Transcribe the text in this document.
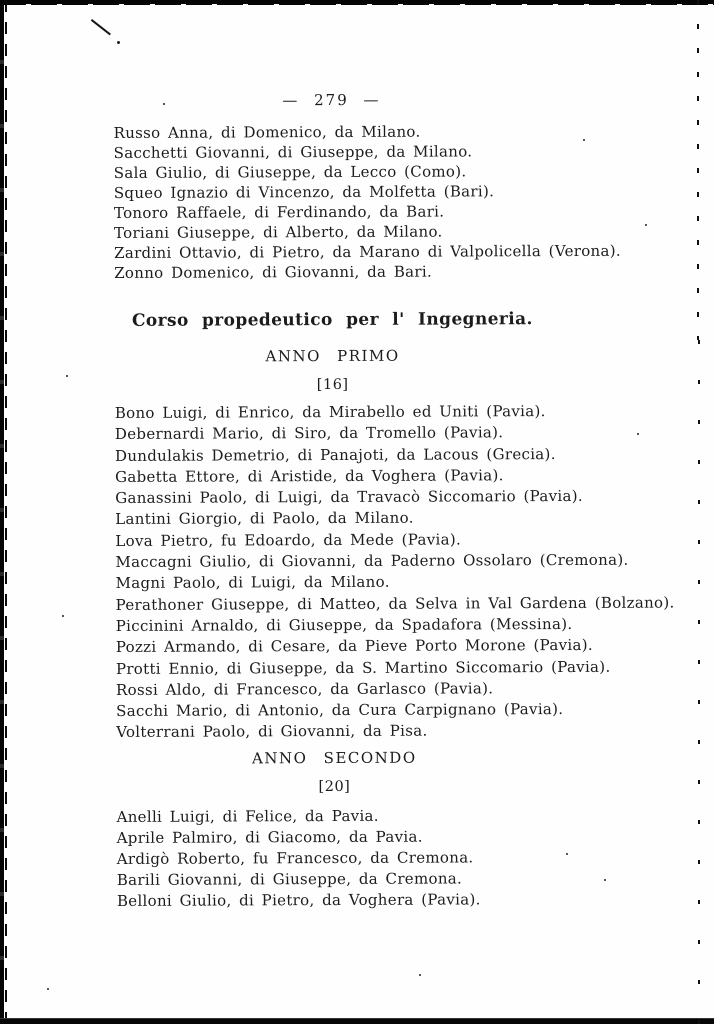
— 279 —

Russo Anna, di Domenico, da Milano.

Sacchetti Giovanni, di Giuseppe, da Milano.

Sala Giulio, di Giuseppe, da Lecco (Como).

Squeo Ignazio di Vincenzo, da Molfetta (Bari).

Tonoro Raffaele, di Ferdinando, da Bari.

Toriani Giuseppe, di Alberto, da Milano.

Zardini Ottavio, di Pietro, da Marano di Valpolicella (Verona).

Zonno Domenico, di Giovanni, da Bari.

Corso propedeutico per l' Ingegneria.
ANNO PRIMO
[16]

Bono Luigi, di Enrico, da Mirabello ed Uniti (Pavia).

Debernardi Mario, di Siro, da Tromello (Pavia).

Dundulakis Demetrio, di Panajoti, da Lacous (Grecia).

Gabetta Ettore, di Aristide, da Voghera (Pavia).

Ganassini Paolo, di Luigi, da Travacò Siccomario (Pavia).

Lantini Giorgio, di Paolo, da Milano.

Lova Pietro, fu Edoardo, da Mede (Pavia).

Maccagni Giulio, di Giovanni, da Paderno Ossolaro (Cremona).

Magni Paolo, di Luigi, da Milano.

Perathoner Giuseppe, di Matteo, da Selva in Val Gardena (Bolzano).

Piccinini Arnaldo, di Giuseppe, da Spadafora (Messina).

Pozzi Armando, di Cesare, da Pieve Porto Morone (Pavia).

Protti Ennio, di Giuseppe, da S. Martino Siccomario (Pavia).

Rossi Aldo, di Francesco, da Garlasco (Pavia).

Sacchi Mario, di Antonio, da Cura Carpignano (Pavia).

Volterrani Paolo, di Giovanni, da Pisa.

ANNO SECONDO
[20]

Anelli Luigi, di Felice, da Pavia.

Aprile Palmiro, di Giacomo, da Pavia.

Ardigò Roberto, fu Francesco, da Cremona.

Barili Giovanni, di Giuseppe, da Cremona.

Belloni Giulio, di Pietro, da Voghera (Pavia).
